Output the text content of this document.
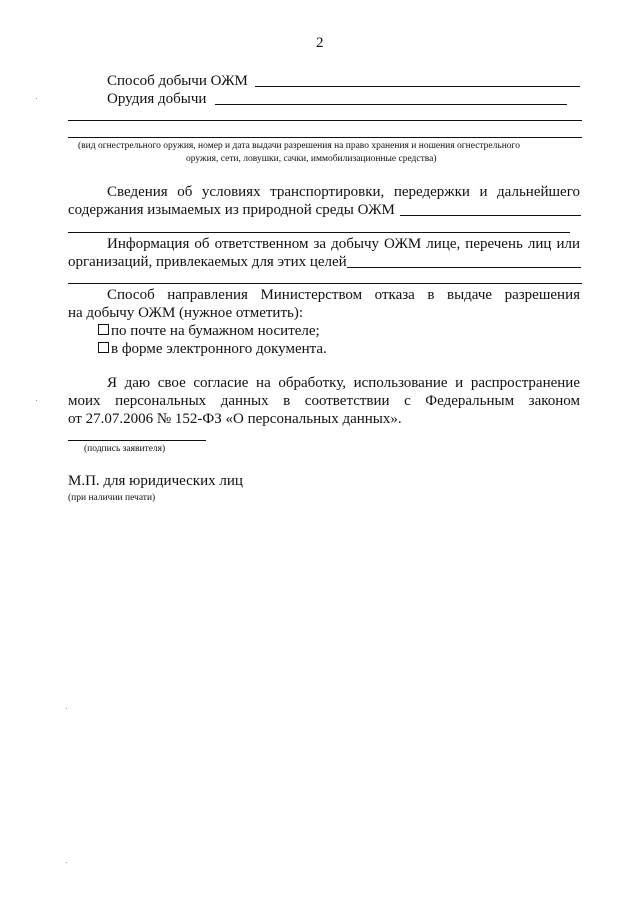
2
Способ добычи ОЖМ
Орудия добычи
(вид огнестрельного оружия, номер и дата выдачи разрешения на право хранения и ношения огнестрельного
оружия, сети, ловушки, сачки, иммобилизационные средства)
Сведения об условиях транспортировки, передержки и дальнейшего
содержания изымаемых из природной среды ОЖМ
Информация об ответственном за добычу ОЖМ лице, перечень лиц или
организаций, привлекаемых для этих целей
Способ направления Министерством отказа в выдаче разрешения
на добычу ОЖМ (нужное отметить):
по почте на бумажном носителе;
в форме электронного документа.
Я даю свое согласие на обработку, использование и распространение
моих персональных данных в соответствии с Федеральным законом
от 27.07.2006 № 152-ФЗ «О персональных данных».
(подпись заявителя)
М.П. для юридических лиц
(при наличии печати)
